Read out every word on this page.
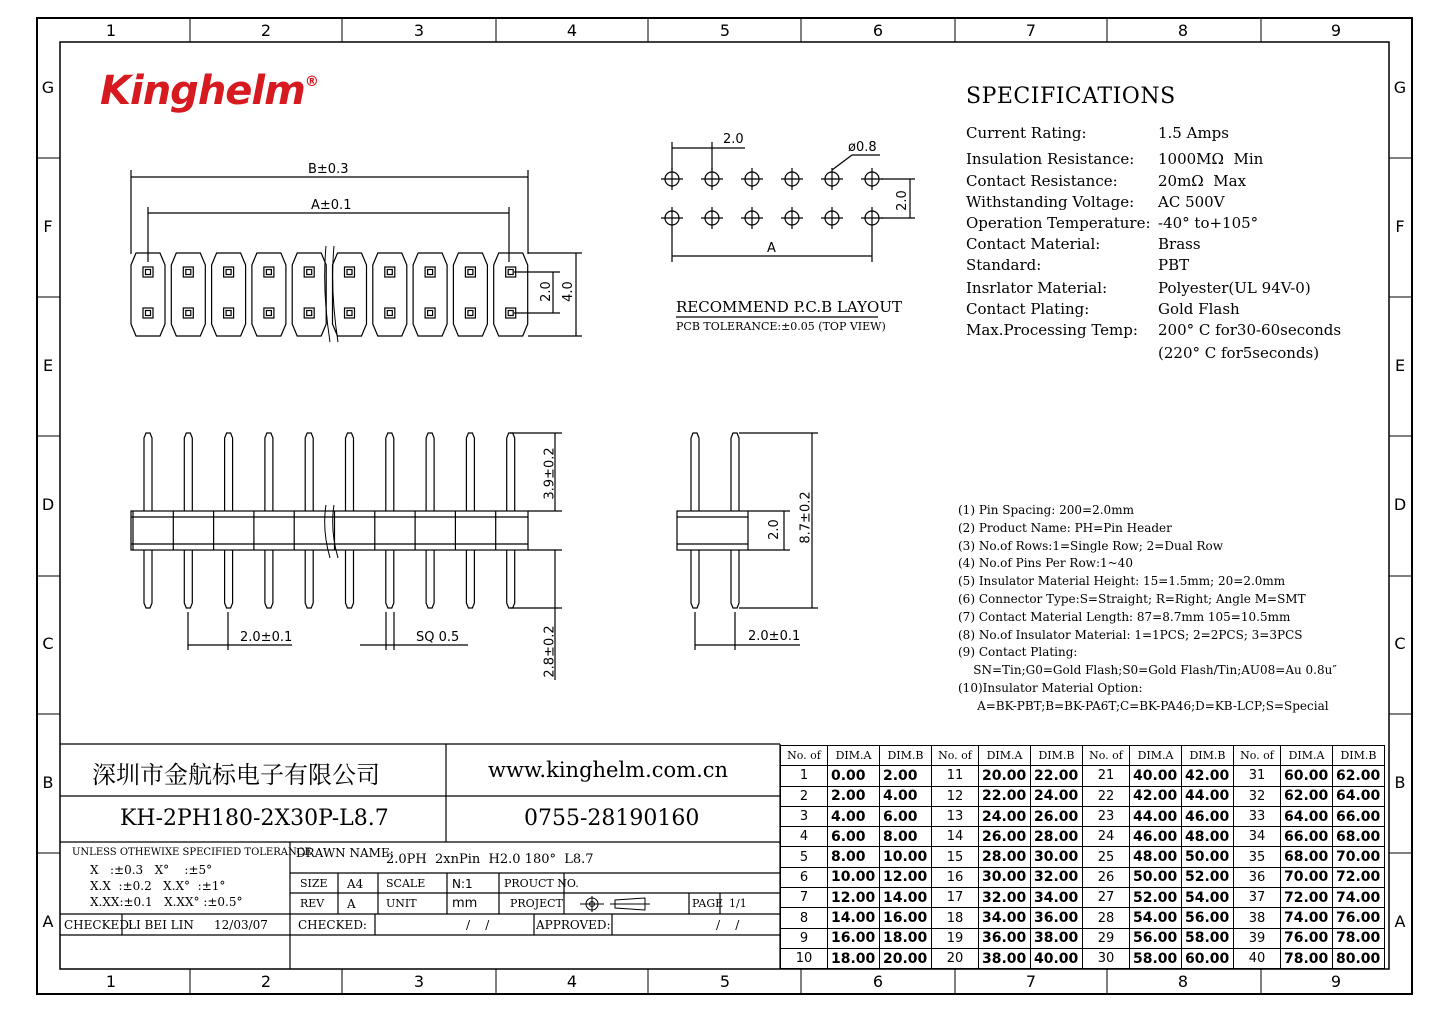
1
1
2
2
3
3
4
4
5
5
6
6
7
7
8
8
9
9
G	G
F	F
E	E
D	D
C	C
B	B
A	A
Kinghelm®
B±0.3
A±0.1
2.0 4.0
2.0
ø0.8
2.0
A
RECOMMEND P.C.B LAYOUT
PCB TOLERANCE:±0.05 (TOP VIEW)
3.9±0.2
2.8±0.2
2.0±0.1	SQ 0.5
8.7±0.2
2.0
2.0±0.1
SPECIFICATIONS
Current Rating:	1.5 Amps
Insulation Resistance: 1000MΩ  Min
Contact Resistance:	20mΩ  Max
Withstanding Voltage: AC 500V
Operation Temperature: -40° to+105°
Contact Material:	Brass
Standard:	PBT
Insrlator Material:	Polyester(UL 94V-0)
Contact Plating:	Gold Flash
Max.Processing Temp: 200° C for30-60seconds
(220° C for5seconds)
(1) Pin Spacing: 200=2.0mm
(2) Product Name: PH=Pin Header
(3) No.of Rows:1=Single Row; 2=Dual Row
(4) No.of Pins Per Row:1~40
(5) Insulator Material Height: 15=1.5mm; 20=2.0mm
(6) Connector Type:S=Straight; R=Right; Angle M=SMT
(7) Contact Material Length: 87=8.7mm 105=10.5mm
(8) No.of Insulator Material: 1=1PCS; 2=2PCS; 3=3PCS
(9) Contact Plating:
SN=Tin;G0=Gold Flash;S0=Gold Flash/Tin;AU08=Au 0.8u″
(10)Insulator Material Option:
A=BK-PBT;B=BK-PA6T;C=BK-PA46;D=KB-LCP;S=Special
深圳市金航标电子有限公司	www.kinghelm.com.cn
KH-2PH180-2X30P-L8.7	0755-28190160
UNLESS OTHEWIXE SPECIFIED TOLERANCE
X   :±0.3   X°    :±5°
X.X  :±0.2   X.X°  :±1°
X.XX:±0.1   X.XX° :±0.5°
DRAWN NAME:
2.0PH  2xnPin  H2.0 180°  L8.7
SIZE A4 SCALE N:1	PROUCT NO.
REV A	UNIT	mm	PROJECT	PAGE 1/1
CHECKED:
LI BEI LIN 12/03/07	CHECKED:	/    /	APPROVED:	/    /
No. of	DIM.A	DIM.B	No. of	DIM.A	DIM.B	No. of	DIM.A	DIM.B	No. of	DIM.A	DIM.B
1	0.00	2.00	11	20.00	22.00	21	40.00	42.00	31	60.00	62.00
2	2.00	4.00	12	22.00	24.00	22	42.00	44.00	32	62.00	64.00
3	4.00	6.00	13	24.00	26.00	23	44.00	46.00	33	64.00	66.00
4	6.00	8.00	14	26.00	28.00	24	46.00	48.00	34	66.00	68.00
5	8.00	10.00	15	28.00	30.00	25	48.00	50.00	35	68.00	70.00
6	10.00	12.00	16	30.00	32.00	26	50.00	52.00	36	70.00	72.00
7	12.00	14.00	17	32.00	34.00	27	52.00	54.00	37	72.00	74.00
8	14.00	16.00	18	34.00	36.00	28	54.00	56.00	38	74.00	76.00
9	16.00	18.00	19	36.00	38.00	29	56.00	58.00	39	76.00	78.00
10	18.00	20.00	20	38.00	40.00	30	58.00	60.00	40	78.00	80.00
